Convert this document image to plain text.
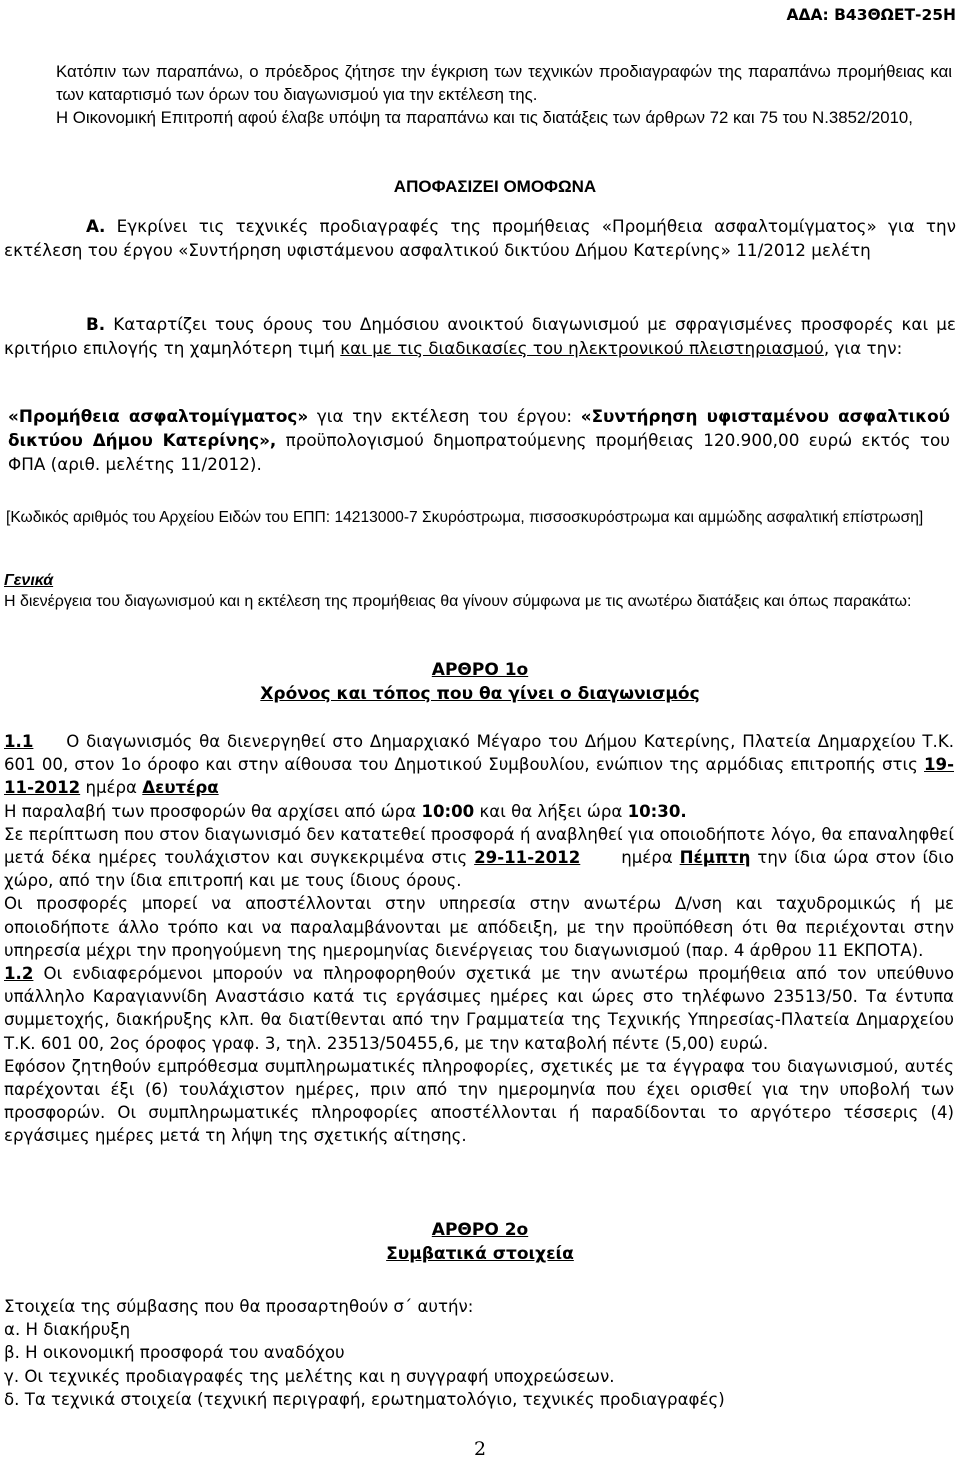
ΑΔΑ: Β43ΘΩΕΤ-25Η

Κατόπιν των παραπάνω, ο πρόεδρος ζήτησε την έγκριση των τεχνικών προδιαγραφών της παραπάνω προμήθειας και των καταρτισμό των όρων του διαγωνισμού για την εκτέλεση της.

Η Οικονομική Επιτροπή αφού έλαβε υπόψη τα παραπάνω και τις διατάξεις των άρθρων 72 και 75 του Ν.3852/2010,

ΑΠΟΦΑΣΙΖΕΙ ΟΜΟΦΩΝΑ

Α. Εγκρίνει τις τεχνικές προδιαγραφές της προμήθειας «Προμήθεια ασφαλτομίγματος» για την εκτέλεση του έργου «Συντήρηση υφιστάμενου ασφαλτικού δικτύου Δήμου Κατερίνης» 11/2012 μελέτη

Β. Καταρτίζει τους όρους του Δημόσιου ανοικτού διαγωνισμού με σφραγισμένες προσφορές και με κριτήριο επιλογής τη χαμηλότερη τιμή και με τις διαδικασίες του ηλεκτρονικού πλειστηριασμού, για την:

«Προμήθεια ασφαλτομίγματος» για την εκτέλεση του έργου: «Συντήρηση υφισταμένου ασφαλτικού δικτύου Δήμου Κατερίνης», προϋπολογισμού δημοπρατούμενης προμήθειας 120.900,00 ευρώ εκτός του ΦΠΑ (αριθ. μελέτης 11/2012).

[Κωδικός αριθμός του Αρχείου Ειδών του ΕΠΠ: 14213000-7 Σκυρόστρωμα, πισσοσκυρόστρωμα και αμμώδης ασφαλτική επίστρωση]

Γενικά

Η διενέργεια του διαγωνισμού και η εκτέλεση της προμήθειας θα γίνουν σύμφωνα με τις ανωτέρω διατάξεις και όπως παρακάτω:

ΑΡΘΡΟ 1ο
Χρόνος και τόπος που θα γίνει ο διαγωνισμός

1.1 Ο διαγωνισμός θα διενεργηθεί στο Δημαρχιακό Μέγαρο του Δήμου Κατερίνης, Πλατεία Δημαρχείου Τ.Κ. 601 00, στον 1ο όροφο και στην αίθουσα του Δημοτικού Συμβουλίου, ενώπιον της αρμόδιας επιτροπής στις 19-11-2012 ημέρα Δευτέρα

Η παραλαβή των προσφορών θα αρχίσει από ώρα 10:00 και θα λήξει ώρα 10:30.

Σε περίπτωση που στον διαγωνισμό δεν κατατεθεί προσφορά ή αναβληθεί για οποιοδήποτε λόγο, θα επαναληφθεί μετά δέκα ημέρες τουλάχιστον και συγκεκριμένα στις 29-11-2012 ημέρα Πέμπτη την ίδια ώρα στον ίδιο χώρο, από την ίδια επιτροπή και με τους ίδιους όρους.

Οι προσφορές μπορεί να αποστέλλονται στην υπηρεσία στην ανωτέρω Δ/νση και ταχυδρομικώς ή με οποιοδήποτε άλλο τρόπο και να παραλαμβάνονται με απόδειξη, με την προϋπόθεση ότι θα περιέχονται στην υπηρεσία μέχρι την προηγούμενη της ημερομηνίας διενέργειας του διαγωνισμού (παρ. 4 άρθρου 11 ΕΚΠΟΤΑ).

1.2 Οι ενδιαφερόμενοι μπορούν να πληροφορηθούν σχετικά με την ανωτέρω προμήθεια από τον υπεύθυνο υπάλληλο Καραγιαννίδη Αναστάσιο κατά τις εργάσιμες ημέρες και ώρες στο τηλέφωνο 23513/50. Τα έντυπα συμμετοχής, διακήρυξης κλπ. θα διατίθενται από την Γραμματεία της Τεχνικής Υπηρεσίας-Πλατεία Δημαρχείου Τ.Κ. 601 00, 2ος όροφος γραφ. 3, τηλ. 23513/50455,6, με την καταβολή πέντε (5,00) ευρώ.

Εφόσον ζητηθούν εμπρόθεσμα συμπληρωματικές πληροφορίες, σχετικές με τα έγγραφα του διαγωνισμού, αυτές παρέχονται έξι (6) τουλάχιστον ημέρες, πριν από την ημερομηνία που έχει ορισθεί για την υποβολή των προσφορών. Οι συμπληρωματικές πληροφορίες αποστέλλονται ή παραδίδονται το αργότερο τέσσερις (4) εργάσιμες ημέρες μετά τη λήψη της σχετικής αίτησης.

ΑΡΘΡΟ 2ο
Συμβατικά στοιχεία
Στοιχεία της σύμβασης που θα προσαρτηθούν σ΄ αυτήν:
α. Η διακήρυξη
β. Η οικονομική προσφορά του αναδόχου
γ. Οι τεχνικές προδιαγραφές της μελέτης και η συγγραφή υποχρεώσεων.
δ. Τα τεχνικά στοιχεία (τεχνική περιγραφή, ερωτηματολόγιο, τεχνικές προδιαγραφές)
2
